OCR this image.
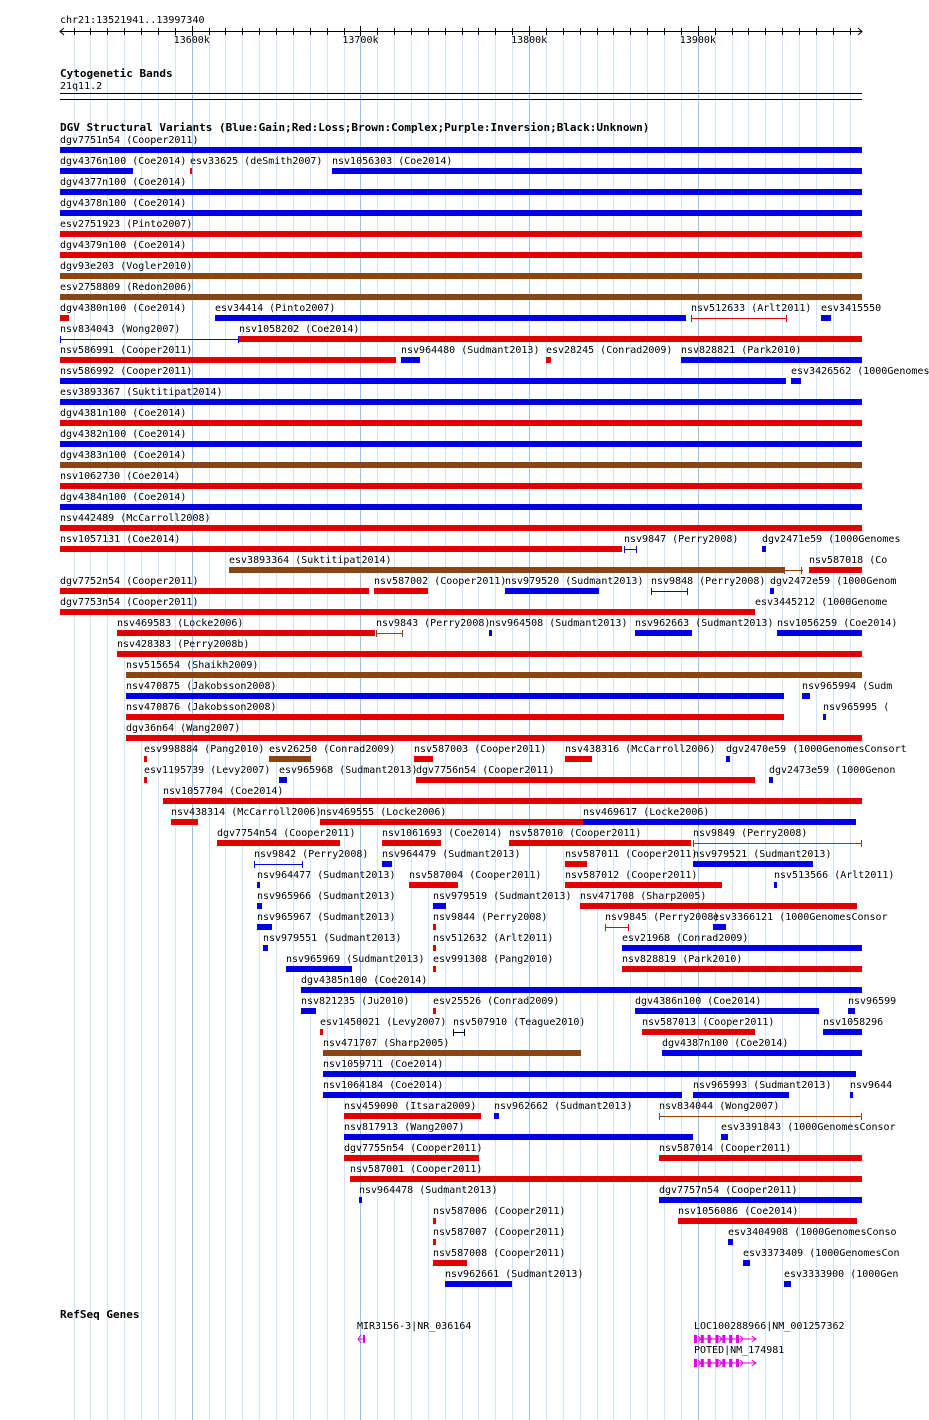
chr21:13521941..13997340
13600k	13700k	13800k	13900k
Cytogenetic Bands
21q11.2
DGV Structural Variants (Blue:Gain;Red:Loss;Brown:Complex;Purple:Inversion;Black:Unknown)
dgv7751n54 (Cooper2011)
dgv4376n100 (Coe2014) esv33625 (deSmith2007) nsv1056303 (Coe2014)
dgv4377n100 (Coe2014)
dgv4378n100 (Coe2014)
esv2751923 (Pinto2007)
dgv4379n100 (Coe2014)
dgv93e203 (Vogler2010)
esv2758809 (Redon2006)
dgv4380n100 (Coe2014)	esv34414 (Pinto2007)	nsv512633 (Arlt2011) esv3415550
nsv834043 (Wong2007)	nsv1058202 (Coe2014)
nsv586991 (Cooper2011)	nsv964480 (Sudmant2013) esv28245 (Conrad2009) nsv828821 (Park2010)
nsv586992 (Cooper2011)	esv3426562 (1000Genomes
esv3893367 (Suktitipat2014)
dgv4381n100 (Coe2014)
dgv4382n100 (Coe2014)
dgv4383n100 (Coe2014)
nsv1062730 (Coe2014)
dgv4384n100 (Coe2014)
nsv442489 (McCarroll2008)
nsv1057131 (Coe2014)	nsv9847 (Perry2008) dgv2471e59 (1000Genomes
esv3893364 (Suktitipat2014)	nsv587018 (Co
dgv7752n54 (Cooper2011)	nsv587002 (Cooper2011)
nsv979520 (Sudmant2013) nsv9848 (Perry2008) dgv2472e59 (1000Genom
dgv7753n54 (Cooper2011)	esv3445212 (1000Genome
nsv469583 (Locke2006)	nsv9843 (Perry2008)
nsv964508 (Sudmant2013) nsv962663 (Sudmant2013) nsv1056259 (Coe2014)
nsv428383 (Perry2008b)
nsv515654 (Shaikh2009)
nsv470875 (Jakobsson2008)	nsv965994 (Sudm
nsv470876 (Jakobsson2008)	nsv965995 (
dgv36n64 (Wang2007)
esv998884 (Pang2010) esv26250 (Conrad2009) nsv587003 (Cooper2011) nsv438316 (McCarroll2006) dgv2470e59 (1000GenomesConsort
esv1195739 (Levy2007) esv965968 (Sudmant2013)
dgv7756n54 (Cooper2011)	dgv2473e59 (1000Genon
nsv1057704 (Coe2014)
nsv438314 (McCarroll2006)
nsv469555 (Locke2006)	nsv469617 (Locke2006)
dgv7754n54 (Cooper2011)	nsv1061693 (Coe2014) nsv587010 (Cooper2011)	nsv9849 (Perry2008)
nsv9842 (Perry2008) nsv964479 (Sudmant2013)	nsv587011 (Cooper2011)
nsv979521 (Sudmant2013)
nsv964477 (Sudmant2013) nsv587004 (Cooper2011) nsv587012 (Cooper2011)	nsv513566 (Arlt2011)
nsv965966 (Sudmant2013)	nsv979519 (Sudmant2013) nsv471708 (Sharp2005)
nsv965967 (Sudmant2013)	nsv9844 (Perry2008)	nsv9845 (Perry2008)
esv3366121 (1000GenomesConsor
nsv979551 (Sudmant2013)	nsv512632 (Arlt2011)	esv21968 (Conrad2009)
nsv965969 (Sudmant2013) esv991308 (Pang2010)	nsv828819 (Park2010)
dgv4385n100 (Coe2014)
nsv821235 (Ju2010) esv25526 (Conrad2009)	dgv4386n100 (Coe2014)	nsv96599
esv1450021 (Levy2007) nsv507910 (Teague2010)	nsv587013 (Cooper2011)	nsv1058296
nsv471707 (Sharp2005)	dgv4387n100 (Coe2014)
nsv1059711 (Coe2014)
nsv1064184 (Coe2014)	nsv965993 (Sudmant2013) nsv9644
nsv459090 (Itsara2009) nsv962662 (Sudmant2013)	nsv834044 (Wong2007)
nsv817913 (Wang2007)	esv3391843 (1000GenomesConsor
dgv7755n54 (Cooper2011)	nsv587014 (Cooper2011)
nsv587001 (Cooper2011)
nsv964478 (Sudmant2013)	dgv7757n54 (Cooper2011)
nsv587006 (Cooper2011)	nsv1056086 (Coe2014)
nsv587007 (Cooper2011)	esv3404908 (1000GenomesConso
nsv587008 (Cooper2011)	esv3373409 (1000GenomesCon
nsv962661 (Sudmant2013)	esv3333900 (1000Gen
RefSeq Genes
MIR3156-3|NR_036164	LOC100288966|NM_001257362
POTED|NM_174981
